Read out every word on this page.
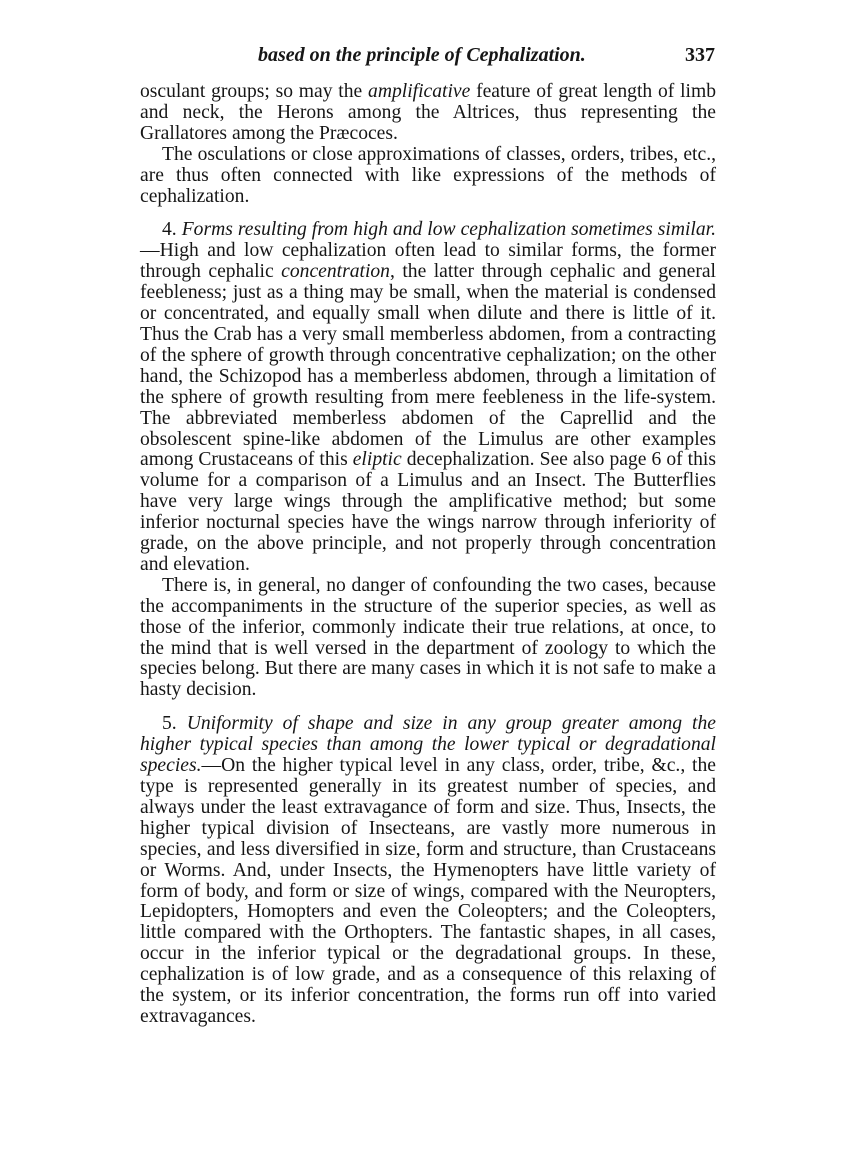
based on the principle of Cephalization.	337

osculant groups; so may the amplificative feature of great length of limb and neck, the Herons among the Altrices, thus representing the Grallatores among the Præcoces.

The osculations or close approximations of classes, orders, tribes, etc., are thus often connected with like expressions of the methods of cephalization.

4. Forms resulting from high and low cephalization sometimes similar.—High and low cephalization often lead to similar forms, the former through cephalic concentration, the latter through cephalic and general feebleness; just as a thing may be small, when the material is condensed or concentrated, and equally small when dilute and there is little of it. Thus the Crab has a very small memberless abdomen, from a contracting of the sphere of growth through concentrative cephalization; on the other hand, the Schizopod has a memberless abdomen, through a limitation of the sphere of growth resulting from mere feebleness in the life-system. The abbreviated memberless abdomen of the Caprellid and the obsolescent spine-like abdomen of the Limulus are other examples among Crustaceans of this eliptic decephalization. See also page 6 of this volume for a comparison of a Limulus and an Insect. The Butterflies have very large wings through the amplificative method; but some inferior nocturnal species have the wings narrow through inferiority of grade, on the above principle, and not properly through concentration and elevation.

There is, in general, no danger of confounding the two cases, because the accompaniments in the structure of the superior species, as well as those of the inferior, commonly indicate their true relations, at once, to the mind that is well versed in the department of zoology to which the species belong. But there are many cases in which it is not safe to make a hasty decision.

5. Uniformity of shape and size in any group greater among the higher typical species than among the lower typical or degradational species.—On the higher typical level in any class, order, tribe, &c., the type is represented generally in its greatest number of species, and always under the least extravagance of form and size. Thus, Insects, the higher typical division of Insecteans, are vastly more numerous in species, and less diversified in size, form and structure, than Crustaceans or Worms. And, under Insects, the Hymenopters have little variety of form of body, and form or size of wings, compared with the Neuropters, Lepidopters, Homopters and even the Coleopters; and the Coleopters, little compared with the Orthopters. The fantastic shapes, in all cases, occur in the inferior typical or the degradational groups. In these, cephalization is of low grade, and as a consequence of this relaxing of the system, or its inferior concentration, the forms run off into varied extravagances.
